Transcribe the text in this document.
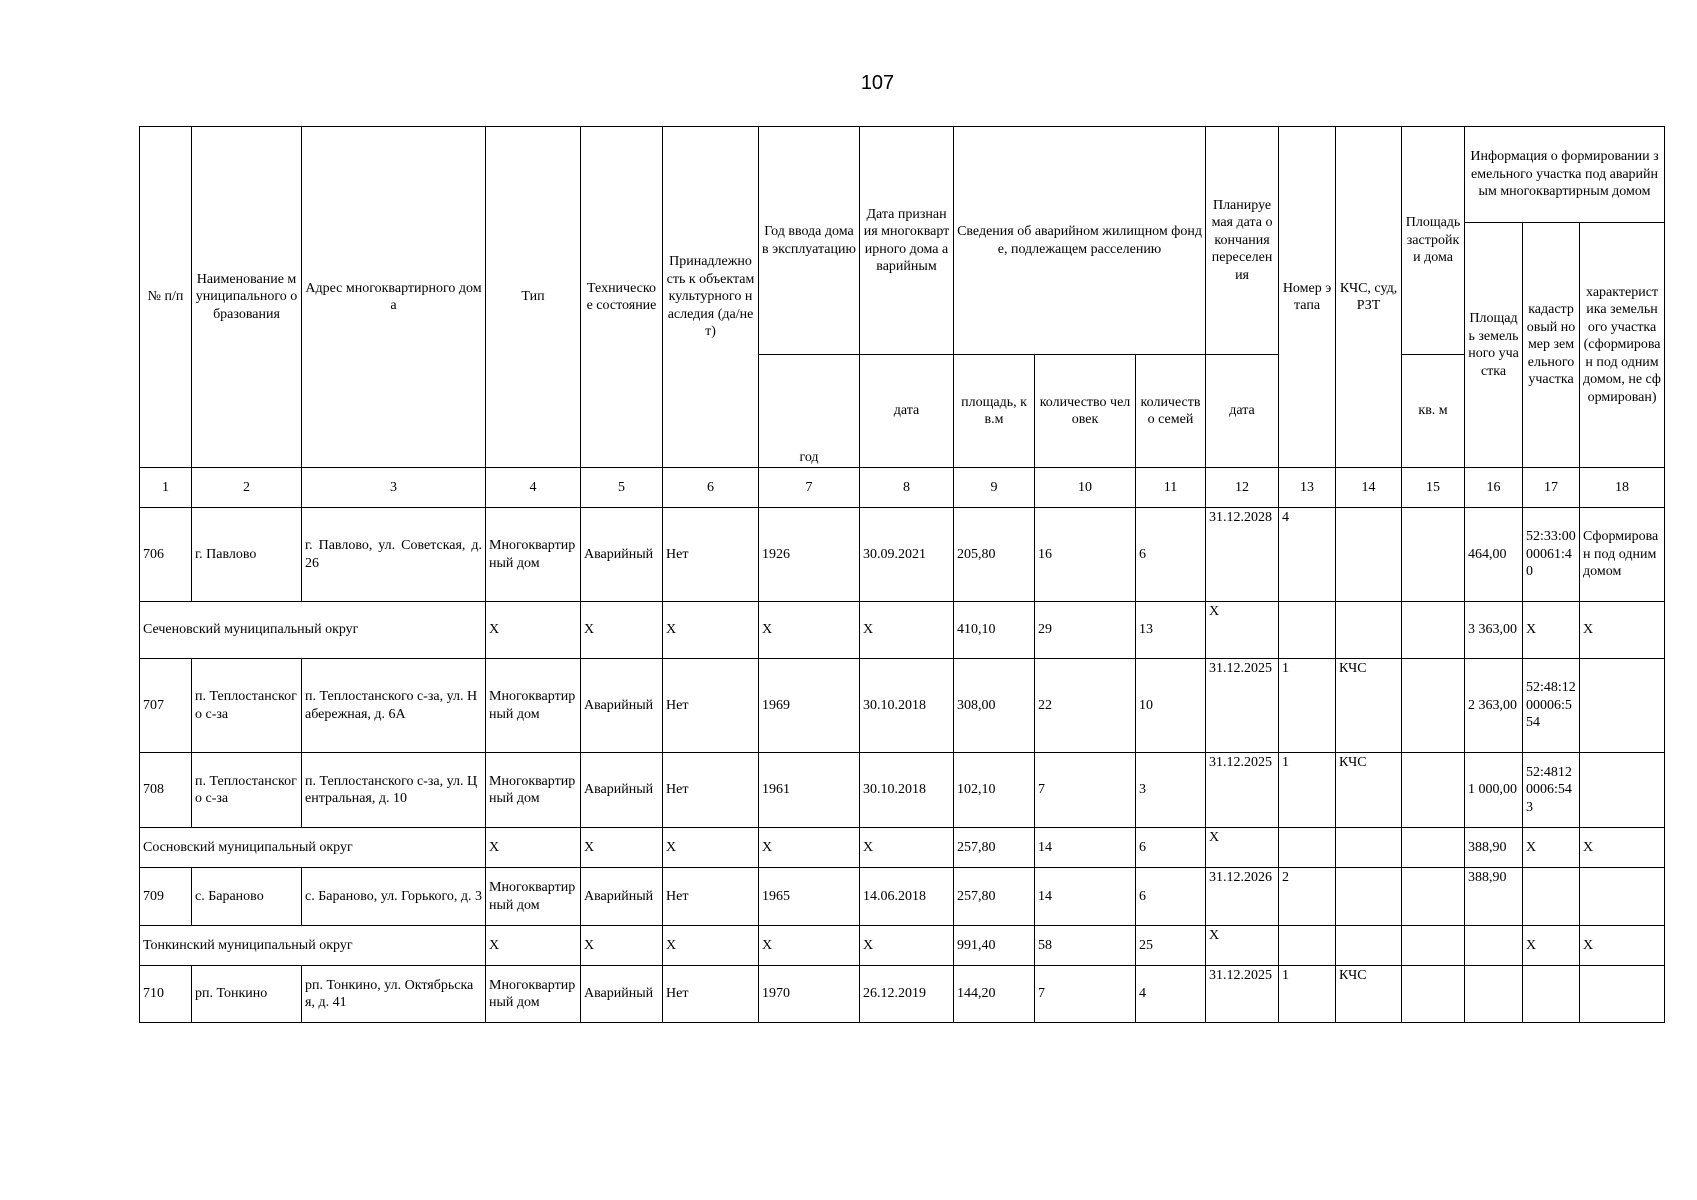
107
№ п/п	Наименование муниципального образования	Адрес многоквартирного дома	Тип	Техническое состояние	Принадлежность к объектам культурного наследия (да/нет)	Год ввода дома в эксплуатацию	Дата признания многоквартирного дома аварийным	Сведения об аварийном жилищном фонде, подлежащем расселению			Планируемая дата окончания переселения	Номер этапа	КЧС, суд, РЗТ	Площадь застройки дома	Информация о формировании земельного участка под аварийным многоквартирным домом		
															Площадь земельного участка	кадастровый номер земельного участка	характеристика земельного участка (сформирован под одним домом, не сформирован)
						год	дата	площадь, кв.м	количество человек	количество семей	дата			кв. м			
1	2	3	4	5	6	7	8	9	10	11	12	13	14	15	16	17	18
706	г. Павлово	г. Павлово, ул. Советская, д. 26	Многоквартирный дом	Аварийный	Нет	1926	30.09.2021	205,80	16	6	31.12.2028	4			464,00	52:33:0000061:40	Сформирован под одним домом
Сеченовский муниципальный округ			X	X	X	X	X	410,10	29	13	X				3 363,00	X	X
707	п. Теплостанского с-за	п. Теплостанского с-за, ул. Набережная, д. 6А	Многоквартирный дом	Аварийный	Нет	1969	30.10.2018	308,00	22	10	31.12.2025	1	КЧС		2 363,00	52:48:1200006:554	
708	п. Теплостанского с-за	п. Теплостанского с-за, ул. Центральная, д. 10	Многоквартирный дом	Аварийный	Нет	1961	30.10.2018	102,10	7	3	31.12.2025	1	КЧС		1 000,00	52:48120006:543	
Сосновский муниципальный округ			X	X	X	X	X	257,80	14	6	X				388,90	X	X
709	с. Бараново	с. Бараново, ул. Горького, д. 3	Многоквартирный дом	Аварийный	Нет	1965	14.06.2018	257,80	14	6	31.12.2026	2			388,90		
Тонкинский муниципальный округ			X	X	X	X	X	991,40	58	25	X					X	X
710	рп. Тонкино	рп. Тонкино, ул. Октябрьская, д. 41	Многоквартирный дом	Аварийный	Нет	1970	26.12.2019	144,20	7	4	31.12.2025	1	КЧС				
